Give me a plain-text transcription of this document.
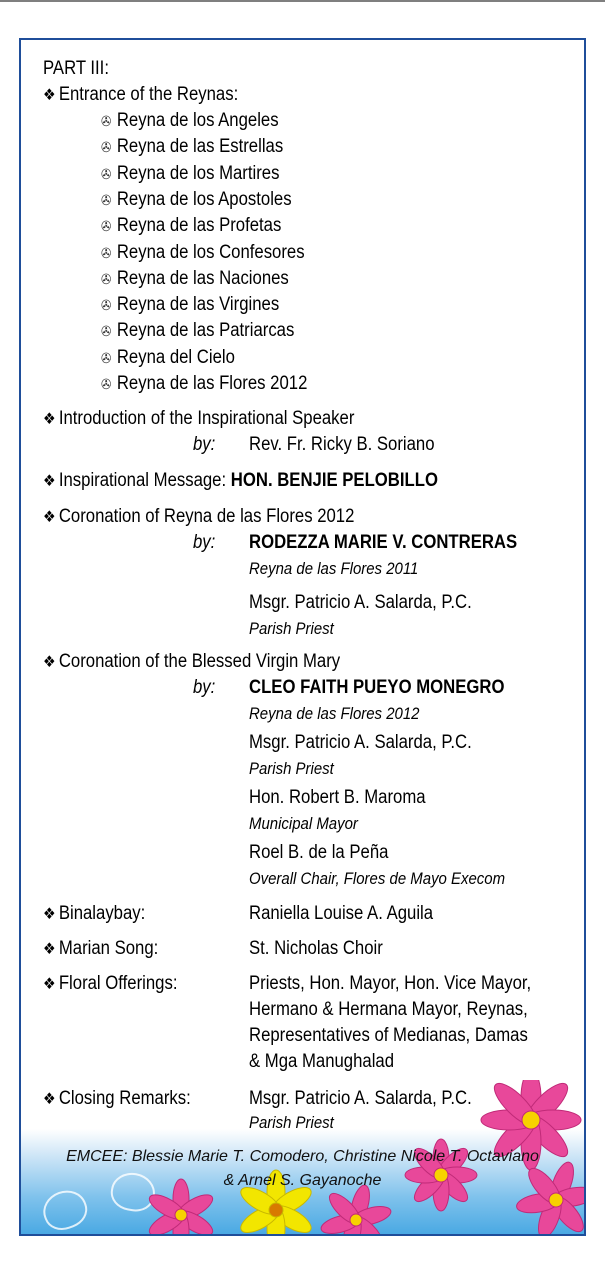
PART III:
❖ Entrance of the Reynas:
✇ Reyna de los Angeles
✇ Reyna de las Estrellas
✇ Reyna de los Martires
✇ Reyna de los Apostoles
✇ Reyna de las Profetas
✇ Reyna de los Confesores
✇ Reyna de las Naciones
✇ Reyna de las Virgines
✇ Reyna de las Patriarcas
✇ Reyna del Cielo
✇ Reyna de las Flores 2012
❖ Introduction of the Inspirational Speaker
by: Rev. Fr. Ricky B. Soriano
❖ Inspirational Message: HON. BENJIE PELOBILLO
❖ Coronation of Reyna de las Flores 2012
by: RODEZZA MARIE V. CONTRERAS
Reyna de las Flores 2011
Msgr. Patricio A. Salarda, P.C.
Parish Priest
❖ Coronation of the Blessed Virgin Mary
by: CLEO FAITH PUEYO MONEGRO
Reyna de las Flores 2012
Msgr. Patricio A. Salarda, P.C.
Parish Priest
Hon. Robert B. Maroma
Municipal Mayor
Roel B. de la Peña
Overall Chair, Flores de Mayo Execom
❖ Binalaybay:	Raniella Louise A. Aguila
❖ Marian Song:	St. Nicholas Choir
❖ Floral Offerings:	Priests, Hon. Mayor, Hon. Vice Mayor,
Hermano & Hermana Mayor, Reynas,
Representatives of Medianas, Damas
& Mga Manughalad
❖ Closing Remarks:	Msgr. Patricio A. Salarda, P.C.
Parish Priest
EMCEE: Blessie Marie T. Comodero, Christine Nicole T. Octaviano
& Arnel S. Gayanoche
